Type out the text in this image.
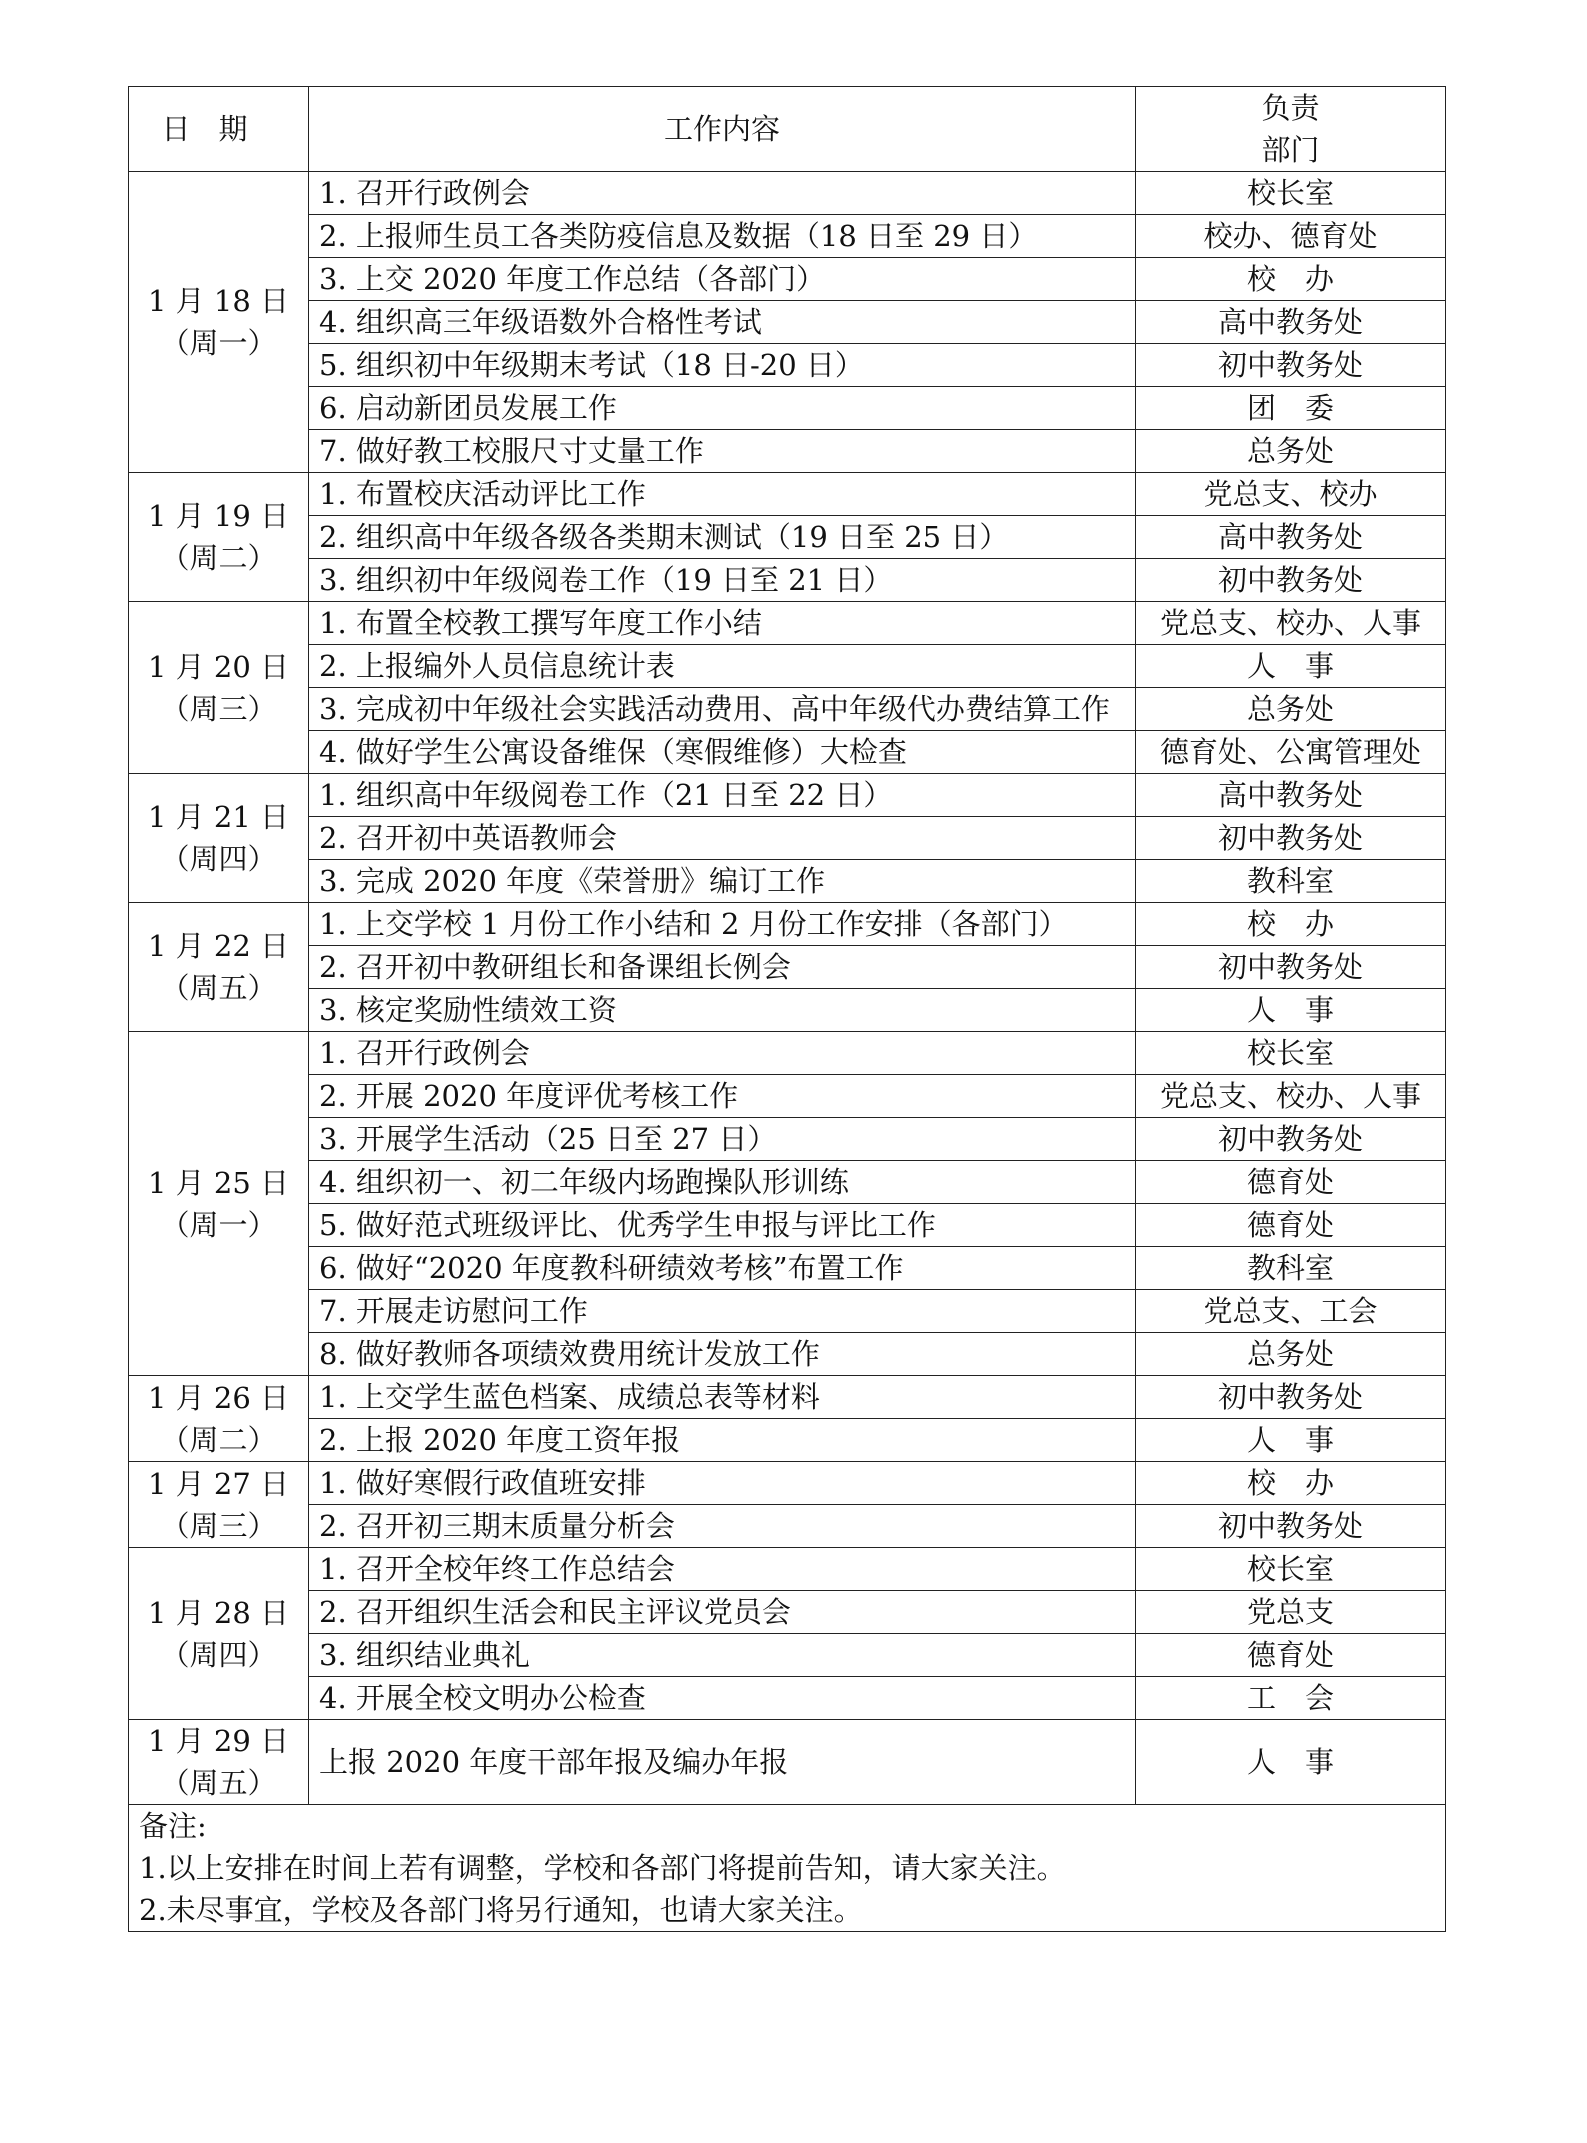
日期	工作内容	负责
部门
1 月 18 日
（周一）	1. 召开行政例会	校长室
	2. 上报师生员工各类防疫信息及数据（18 日至 29 日）	校办、德育处
	3. 上交 2020 年度工作总结（各部门）	校　办
	4. 组织高三年级语数外合格性考试	高中教务处
	5. 组织初中年级期末考试（18 日-20 日）	初中教务处
	6. 启动新团员发展工作	团　委
	7. 做好教工校服尺寸丈量工作	总务处
1 月 19 日
（周二）	1. 布置校庆活动评比工作	党总支、校办
	2. 组织高中年级各级各类期末测试（19 日至 25 日）	高中教务处
	3. 组织初中年级阅卷工作（19 日至 21 日）	初中教务处
1 月 20 日
（周三）	1. 布置全校教工撰写年度工作小结	党总支、校办、人事
	2. 上报编外人员信息统计表	人　事
	3. 完成初中年级社会实践活动费用、高中年级代办费结算工作	总务处
	4. 做好学生公寓设备维保（寒假维修）大检查	德育处、公寓管理处
1 月 21 日
（周四）	1. 组织高中年级阅卷工作（21 日至 22 日）	高中教务处
	2. 召开初中英语教师会	初中教务处
	3. 完成 2020 年度《荣誉册》编订工作	教科室
1 月 22 日
（周五）	1. 上交学校 1 月份工作小结和 2 月份工作安排（各部门）	校　办
	2. 召开初中教研组长和备课组长例会	初中教务处
	3. 核定奖励性绩效工资	人　事
1 月 25 日
（周一）	1. 召开行政例会	校长室
	2. 开展 2020 年度评优考核工作	党总支、校办、人事
	3. 开展学生活动（25 日至 27 日）	初中教务处
	4. 组织初一、初二年级内场跑操队形训练	德育处
	5. 做好范式班级评比、优秀学生申报与评比工作	德育处
	6. 做好“2020 年度教科研绩效考核”布置工作	教科室
	7. 开展走访慰问工作	党总支、工会
	8. 做好教师各项绩效费用统计发放工作	总务处
1 月 26 日
（周二）	1. 上交学生蓝色档案、成绩总表等材料	初中教务处
	2. 上报 2020 年度工资年报	人　事
1 月 27 日
（周三）	1. 做好寒假行政值班安排	校　办
	2. 召开初三期末质量分析会	初中教务处
1 月 28 日
（周四）	1. 召开全校年终工作总结会	校长室
	2. 召开组织生活会和民主评议党员会	党总支
	3. 组织结业典礼	德育处
	4. 开展全校文明办公检查	工　会
1 月 29 日
（周五）	上报 2020 年度干部年报及编办年报	人　事

备注:
1.以上安排在时间上若有调整，学校和各部门将提前告知，请大家关注。
2.未尽事宜，学校及各部门将另行通知，也请大家关注。		
